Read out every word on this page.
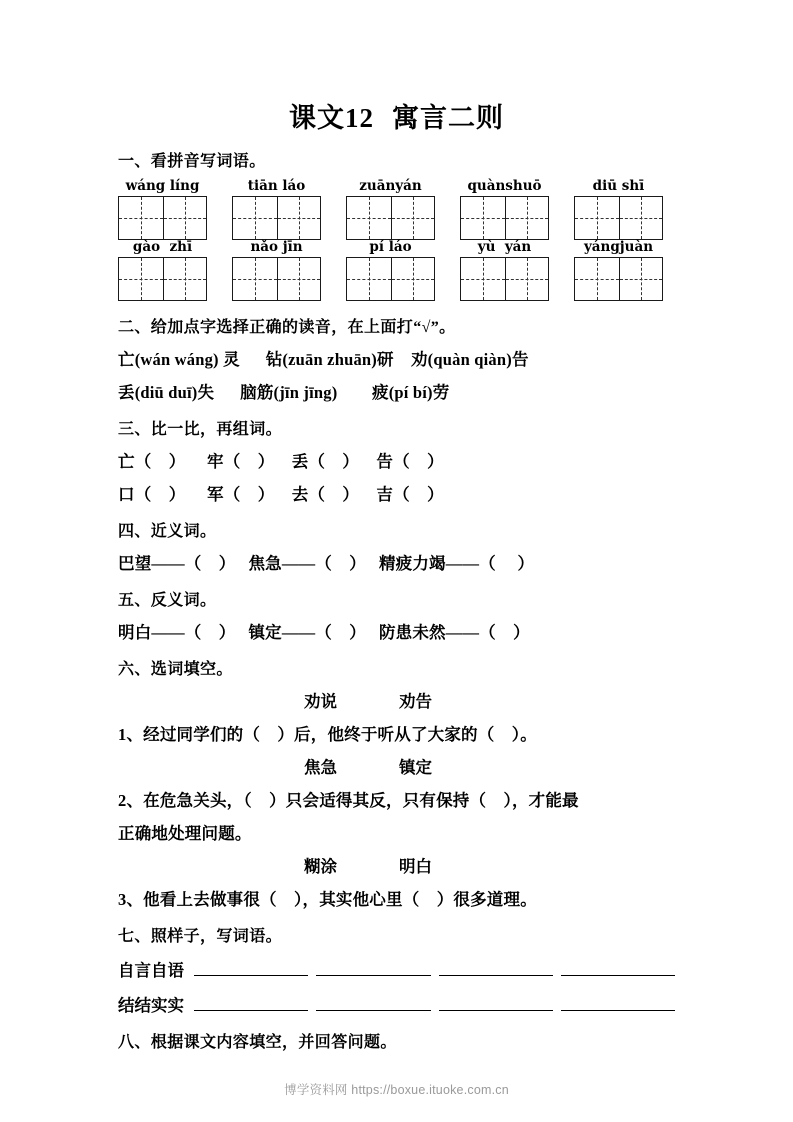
课文12 寓言二则
一、看拼音写词语。
wáng líng	tiān láo	zuānyán	quànshuō	diū shī
gào  zhī	nǎo jīn	pí láo	yù  yán	yángjuàn
二、给加点字选择正确的读音，在上面打“√”。
亡(wán wáng) 灵      钻(zuān zhuān)研    劝(quàn qiàn)告
丢(diū duī)失      脑筋(jīn jīng)        疲(pí bí)劳
三、比一比，再组词。
亡（    ）     牢（    ）    丢（    ）    告（    ）
口（    ）     军（    ）    去（    ）    吉（    ）
四、近义词。
巴望——（    ）   焦急——（    ）   精疲力竭——（     ）
五、反义词。
明白——（    ）   镇定——（    ）   防患未然——（    ）
六、选词填空。
劝说	劝告
1、经过同学们的（    ）后，他终于听从了大家的（    ）。
焦急	镇定
2、在危急关头，（    ）只会适得其反，只有保持（    ），才能最
正确地处理问题。
糊涂	明白
3、他看上去做事很（    ），其实他心里（    ）很多道理。
七、照样子，写词语。
自言自语
结结实实
八、根据课文内容填空，并回答问题。
博学资料网 https://boxue.ituoke.com.cn
